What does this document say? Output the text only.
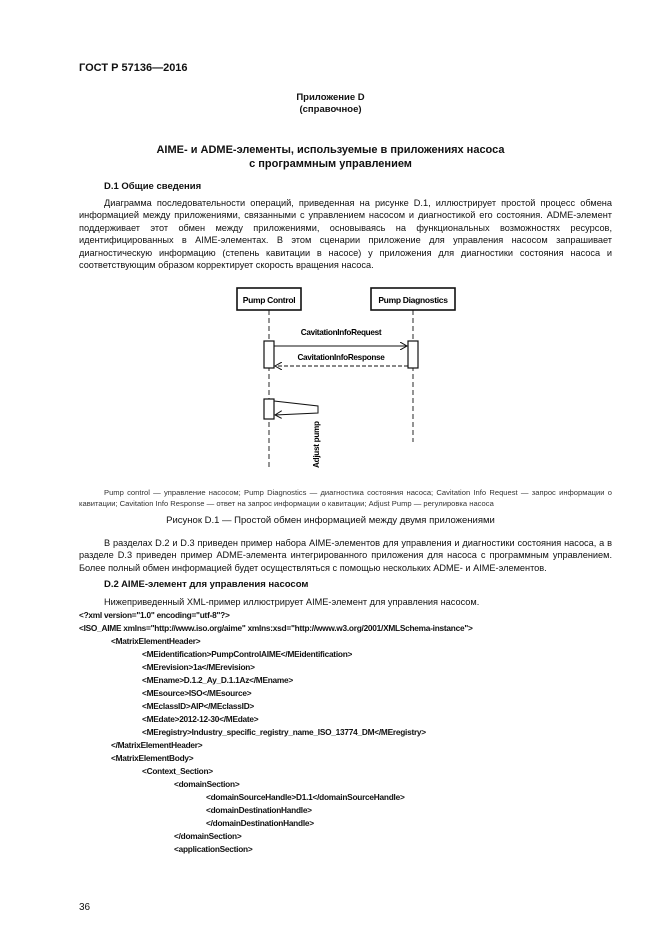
ГОСТ Р 57136—2016
Приложение D
(справочное)
AIME- и ADME-элементы, используемые в приложениях насоса
с программным управлением
D.1 Общие сведения

Диаграмма последовательности операций, приведенная на рисунке D.1, иллюстрирует простой процесс обмена информацией между приложениями, связанными с управлением насосом и диагностикой его состояния. ADME-элемент поддерживает этот обмен между приложениями, основываясь на функциональных возможностях ресурсов, идентифицированных в AIME-элементах. В этом сценарии приложение для управления насосом запрашивает диагностическую информацию (степень кавитации в насосе) у приложения для диагностики состояния насоса и соответствующим образом корректирует скорость вращения насоса.

Pump Control	Pump Diagnostics
CavitationInfoRequest
CavitationInfoResponse
Adjust pump

Pump control — управление насосом; Pump Diagnostics — диагностика состояния насоса; Cavitation Info Request — запрос информации о кавитации; Cavitation Info Response — ответ на запрос информации о кавитации; Adjust Pump — регулировка насоса

Рисунок D.1 — Простой обмен информацией между двумя приложениями

В разделах D.2 и D.3 приведен пример набора AIME-элементов для управления и диагностики состояния насоса, а в разделе D.3 приведен пример ADME-элемента интегрированного приложения для насоса с программным управлением. Более полный обмен информацией будет осуществляться с помощью нескольких ADME- и AIME-элементов.

D.2 AIME-элемент для управления насосом
Нижеприведенный XML-пример иллюстрирует AIME-элемент для управления насосом.
<?xml version="1.0" encoding="utf-8"?>
<ISO_AIME xmlns="http://www.iso.org/aime" xmlns:xsd="http://www.w3.org/2001/XMLSchema-instance">
<MatrixElementHeader>
<MEidentification>PumpControlAIME</MEidentification>
<MErevision>1a</MErevision>
<MEname>D.1.2_Ay_D.1.1Az</MEname>
<MEsource>ISO</MEsource>
<MEclassID>AIP</MEclassID>
<MEdate>2012-12-30</MEdate>
<MEregistry>Industry_specific_registry_name_ISO_13774_DM</MEregistry>
</MatrixElementHeader>
<MatrixElementBody>
<Context_Section>
<domainSection>
<domainSourceHandle>D1.1</domainSourceHandle>
<domainDestinationHandle>
</domainDestinationHandle>
</domainSection>
<applicationSection>
36
